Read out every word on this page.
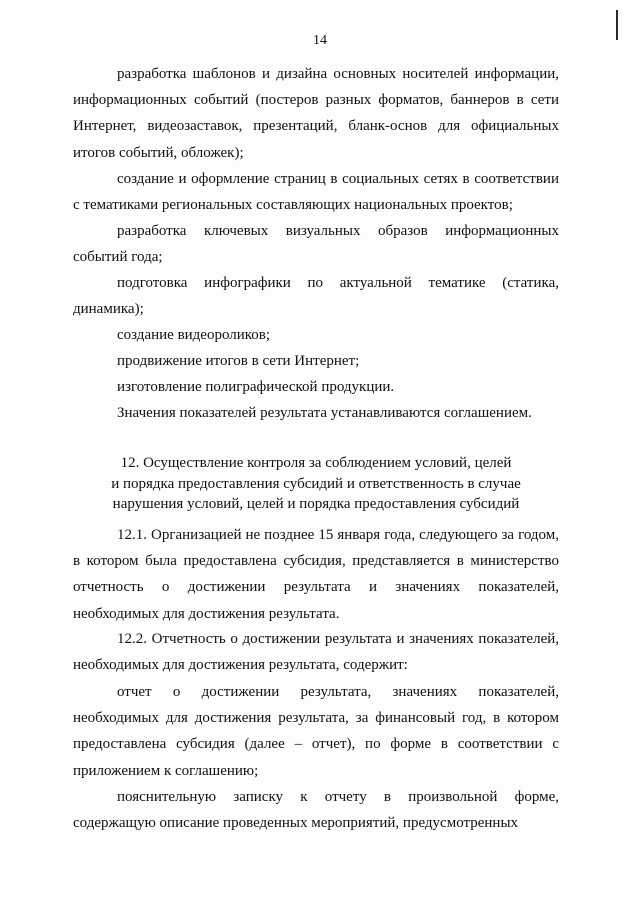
14

разработка шаблонов и дизайна основных носителей информации, информационных событий (постеров разных форматов, баннеров в сети Интернет, видеозаставок, презентаций, бланк-основ для официальных итогов событий, обложек);

создание и оформление страниц в социальных сетях в соответствии с тематиками региональных составляющих национальных проектов;

разработка ключевых визуальных образов информационных событий года;

подготовка инфографики по актуальной тематике (статика, динамика);

создание видеороликов;

продвижение итогов в сети Интернет;

изготовление полиграфической продукции.

Значения показателей результата устанавливаются соглашением.

12. Осуществление контроля за соблюдением условий, целей
и порядка предоставления субсидий и ответственность в случае
нарушения условий, целей и порядка предоставления субсидий

12.1. Организацией не позднее 15 января года, следующего за годом, в котором была предоставлена субсидия, представляется в министерство отчетность о достижении результата и значениях показателей, необходимых для достижения результата.

12.2. Отчетность о достижении результата и значениях показателей, необходимых для достижения результата, содержит:

отчет о достижении результата, значениях показателей, необходимых для достижения результата, за финансовый год, в котором предоставлена субсидия (далее – отчет), по форме в соответствии с приложением к соглашению;

пояснительную записку к отчету в произвольной форме, содержащую описание проведенных мероприятий, предусмотренных
